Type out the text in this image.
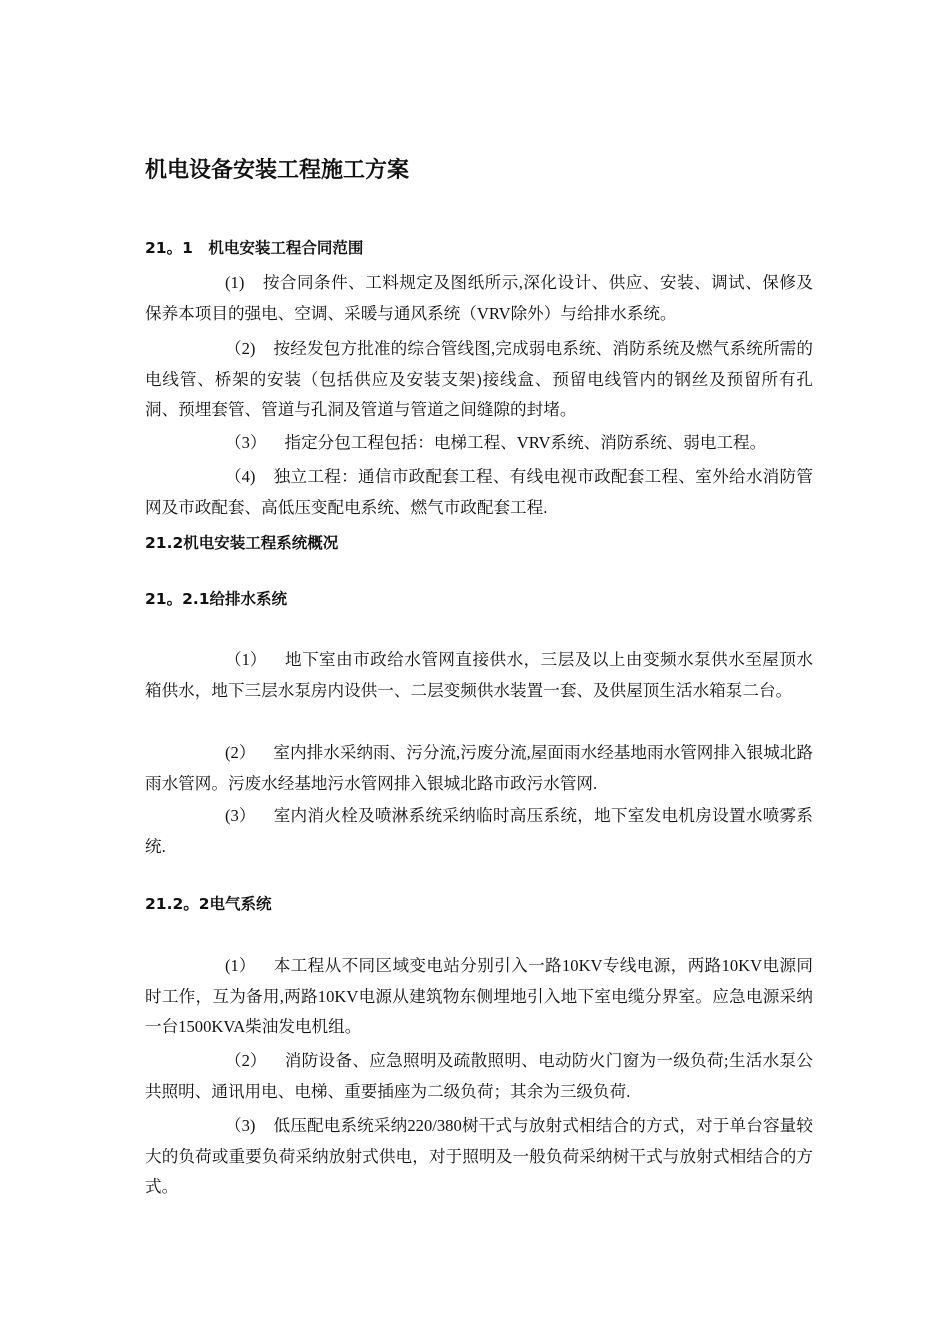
机电设备安装工程施工方案
21。1　机电安装工程合同范围

(1) 按合同条件、工料规定及图纸所示,深化设计、供应、安装、调试、保修及保养本项目的强电、空调、采暖与通风系统（VRV除外）与给排水系统。

（2) 按经发包方批准的综合管线图,完成弱电系统、消防系统及燃气系统所需的电线管、桥架的安装（包括供应及安装支架)接线盒、预留电线管内的钢丝及预留所有孔洞、预埋套管、管道与孔洞及管道与管道之间缝隙的封堵。

（3） 指定分包工程包括：电梯工程、VRV系统、消防系统、弱电工程。

（4) 独立工程：通信市政配套工程、有线电视市政配套工程、室外给水消防管网及市政配套、高低压变配电系统、燃气市政配套工程.

21.2机电安装工程系统概况
21。2.1给排水系统

（1） 地下室由市政给水管网直接供水，三层及以上由变频水泵供水至屋顶水箱供水，地下三层水泵房内设供一、二层变频供水装置一套、及供屋顶生活水箱泵二台。

(2） 室内排水采纳雨、污分流,污废分流,屋面雨水经基地雨水管网排入银城北路雨水管网。污废水经基地污水管网排入银城北路市政污水管网.

(3） 室内消火栓及喷淋系统采纳临时高压系统，地下室发电机房设置水喷雾系统.

21.2。2电气系统

(1） 本工程从不同区域变电站分别引入一路10KV专线电源，两路10KV电源同时工作，互为备用,两路10KV电源从建筑物东侧埋地引入地下室电缆分界室。应急电源采纳一台1500KVA柴油发电机组。

（2） 消防设备、应急照明及疏散照明、电动防火门窗为一级负荷;生活水泵公共照明、通讯用电、电梯、重要插座为二级负荷；其余为三级负荷.

（3) 低压配电系统采纳220/380树干式与放射式相结合的方式，对于单台容量较大的负荷或重要负荷采纳放射式供电，对于照明及一般负荷采纳树干式与放射式相结合的方式。
